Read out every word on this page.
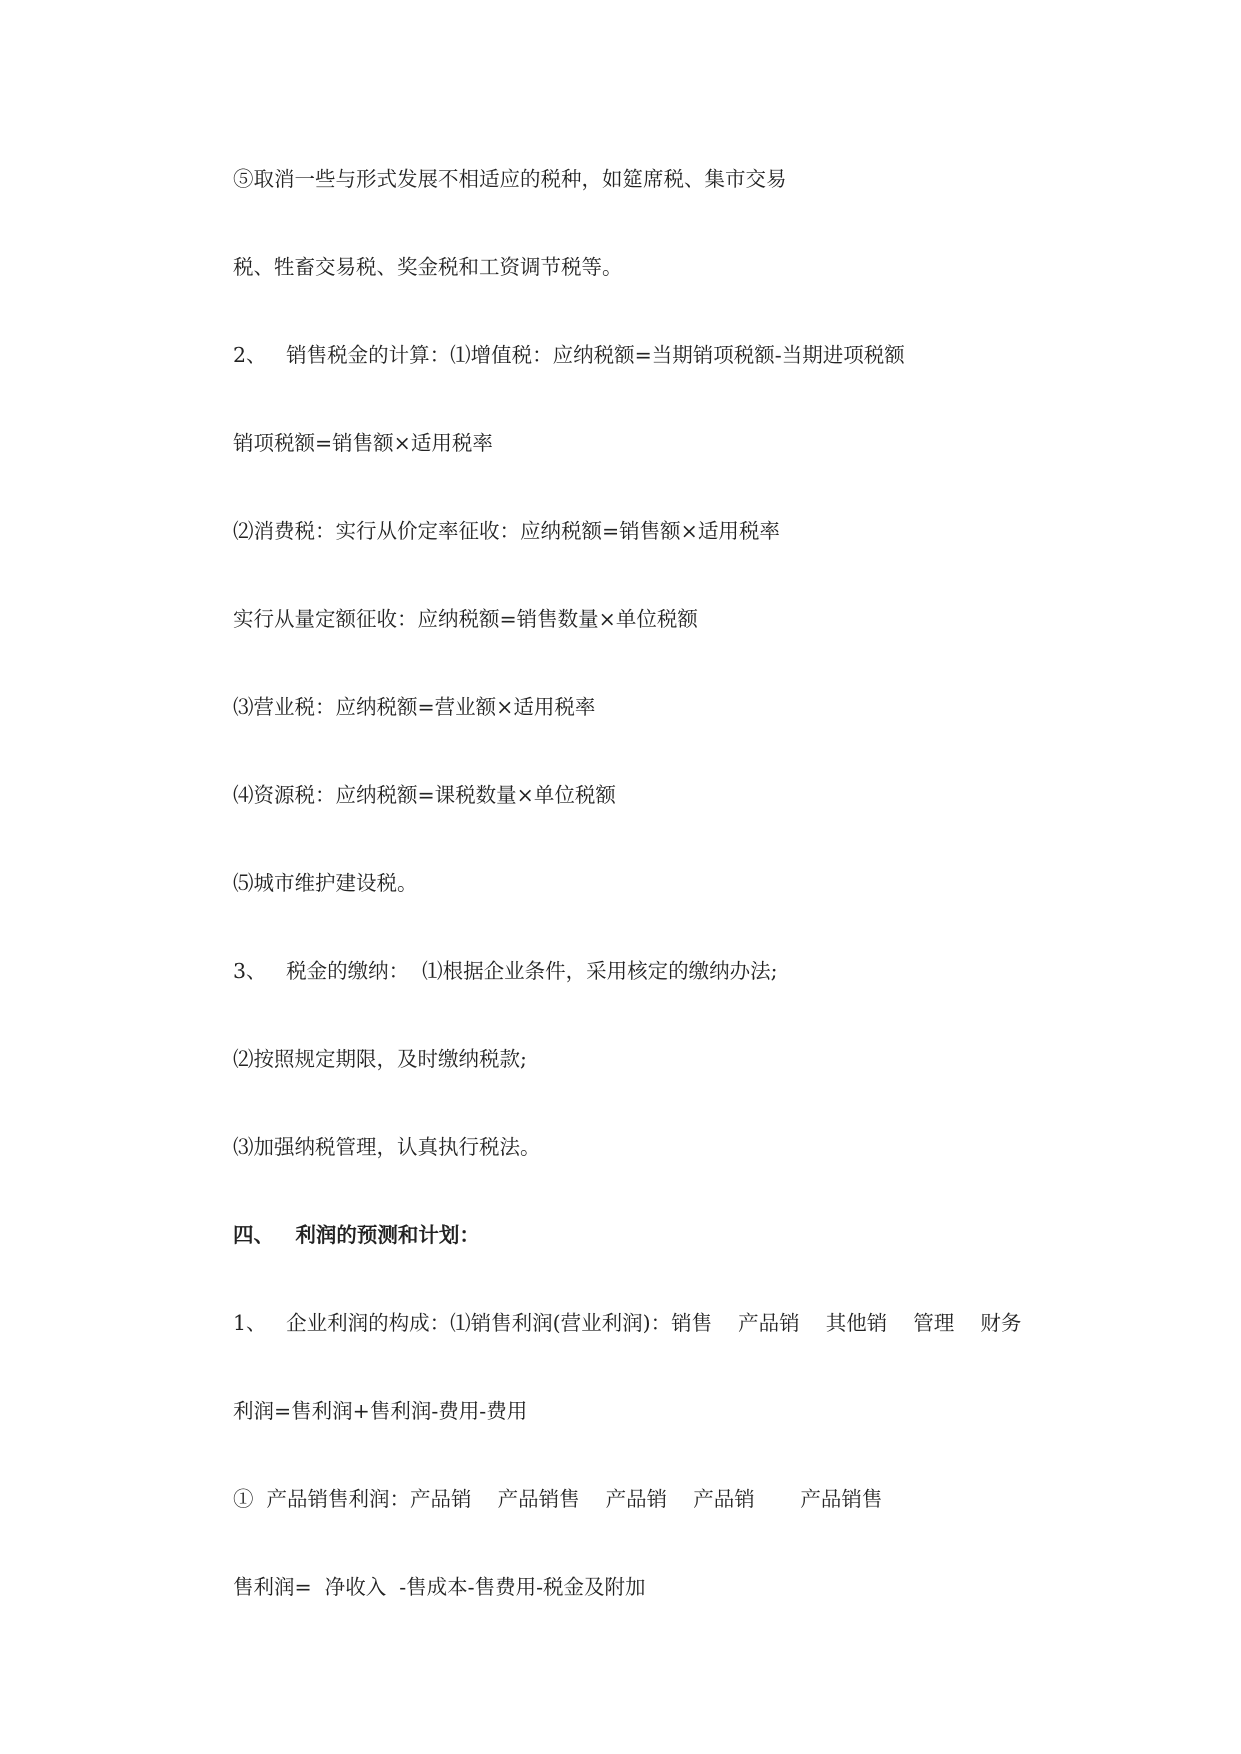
⑤取消一些与形式发展不相适应的税种，如筵席税、集市交易

税、牲畜交易税、奖金税和工资调节税等。

2、   销售税金的计算：⑴增值税：应纳税额=当期销项税额-当期进项税额

销项税额=销售额×适用税率

⑵消费税：实行从价定率征收：应纳税额=销售额×适用税率

实行从量定额征收：应纳税额=销售数量×单位税额

⑶营业税：应纳税额=营业额×适用税率

⑷资源税：应纳税额=课税数量×单位税额

⑸城市维护建设税。

3、   税金的缴纳：  ⑴根据企业条件，采用核定的缴纳办法;

⑵按照规定期限，及时缴纳税款;

⑶加强纳税管理，认真执行税法。

四、   利润的预测和计划：

1、   企业利润的构成：⑴销售利润(营业利润)：销售    产品销    其他销    管理    财务

利润=售利润+售利润-费用-费用

①  产品销售利润：产品销    产品销售    产品销    产品销       产品销售

售利润=  净收入  -售成本-售费用-税金及附加
